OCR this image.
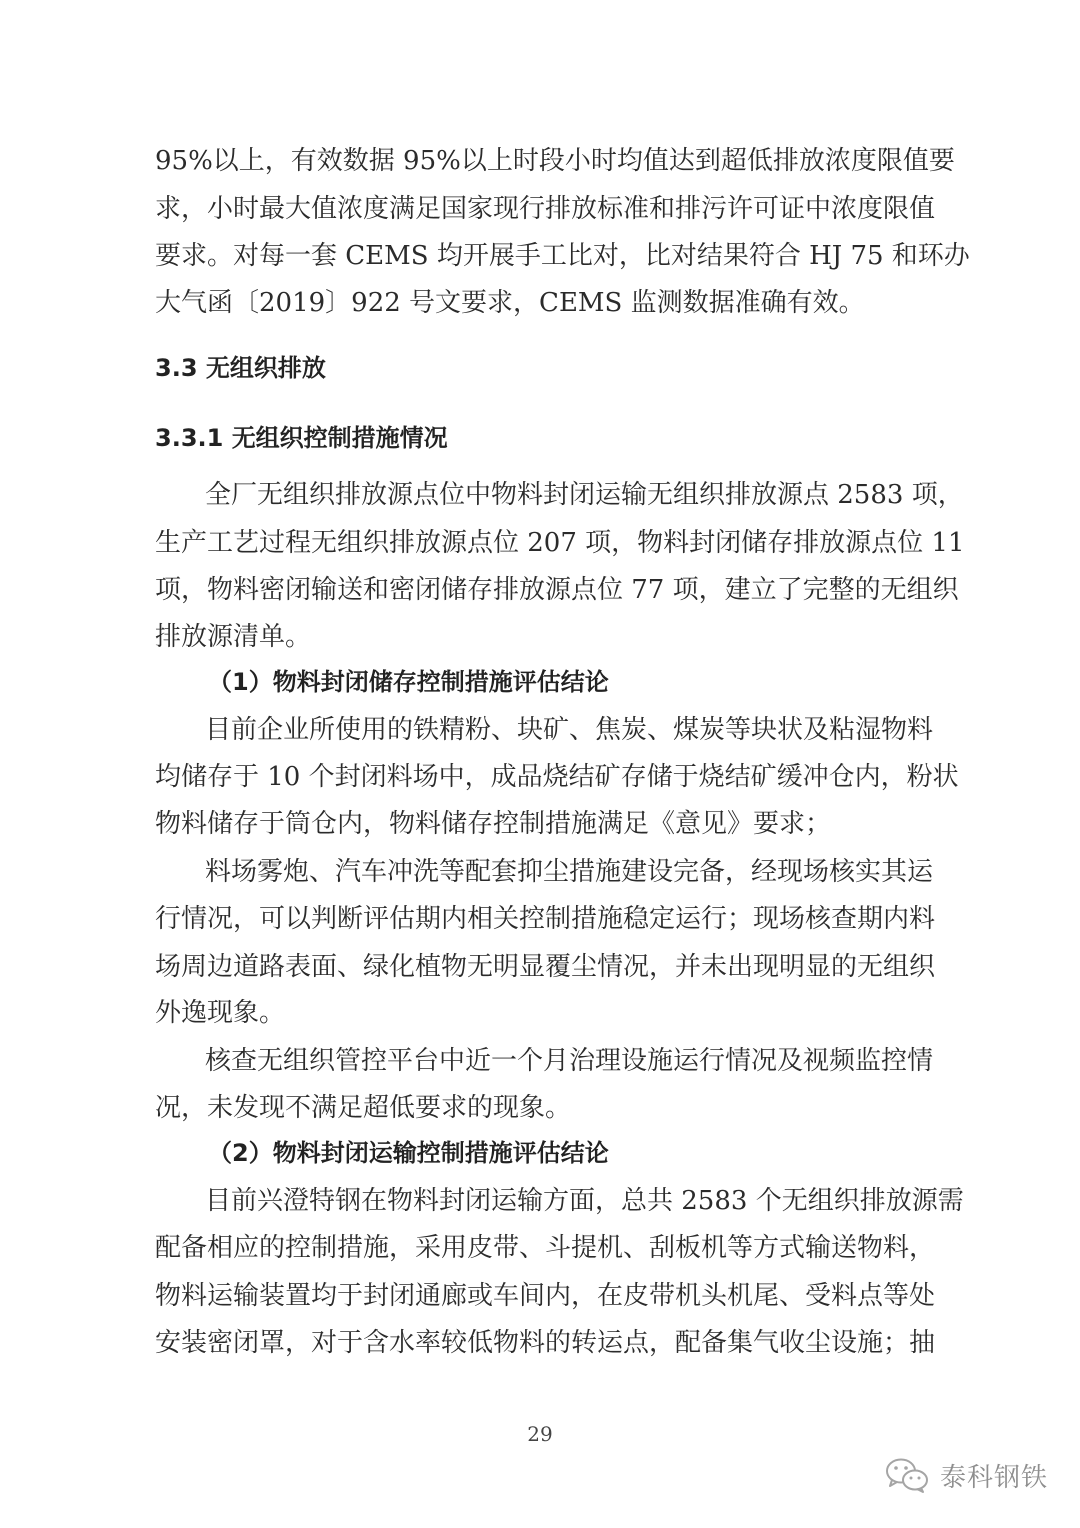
95%以上，有效数据 95%以上时段小时均值达到超低排放浓度限值要
求，小时最大值浓度满足国家现行排放标准和排污许可证中浓度限值
要求。对每一套 CEMS 均开展手工比对，比对结果符合 HJ 75 和环办
大气函〔2019〕922 号文要求，CEMS 监测数据准确有效。
3.3 无组织排放
3.3.1 无组织控制措施情况
全厂无组织排放源点位中物料封闭运输无组织排放源点 2583 项，
生产工艺过程无组织排放源点位 207 项，物料封闭储存排放源点位 11
项，物料密闭输送和密闭储存排放源点位 77 项，建立了完整的无组织
排放源清单。
（1）物料封闭储存控制措施评估结论
目前企业所使用的铁精粉、块矿、焦炭、煤炭等块状及粘湿物料
均储存于 10 个封闭料场中，成品烧结矿存储于烧结矿缓冲仓内，粉状
物料储存于筒仓内，物料储存控制措施满足《意见》要求；
料场雾炮、汽车冲洗等配套抑尘措施建设完备，经现场核实其运
行情况，可以判断评估期内相关控制措施稳定运行；现场核查期内料
场周边道路表面、绿化植物无明显覆尘情况，并未出现明显的无组织
外逸现象。
核查无组织管控平台中近一个月治理设施运行情况及视频监控情
况，未发现不满足超低要求的现象。
（2）物料封闭运输控制措施评估结论
目前兴澄特钢在物料封闭运输方面，总共 2583 个无组织排放源需
配备相应的控制措施，采用皮带、斗提机、刮板机等方式输送物料，
物料运输装置均于封闭通廊或车间内，在皮带机头机尾、受料点等处
安装密闭罩，对于含水率较低物料的转运点，配备集气收尘设施；抽
29
泰科钢铁
